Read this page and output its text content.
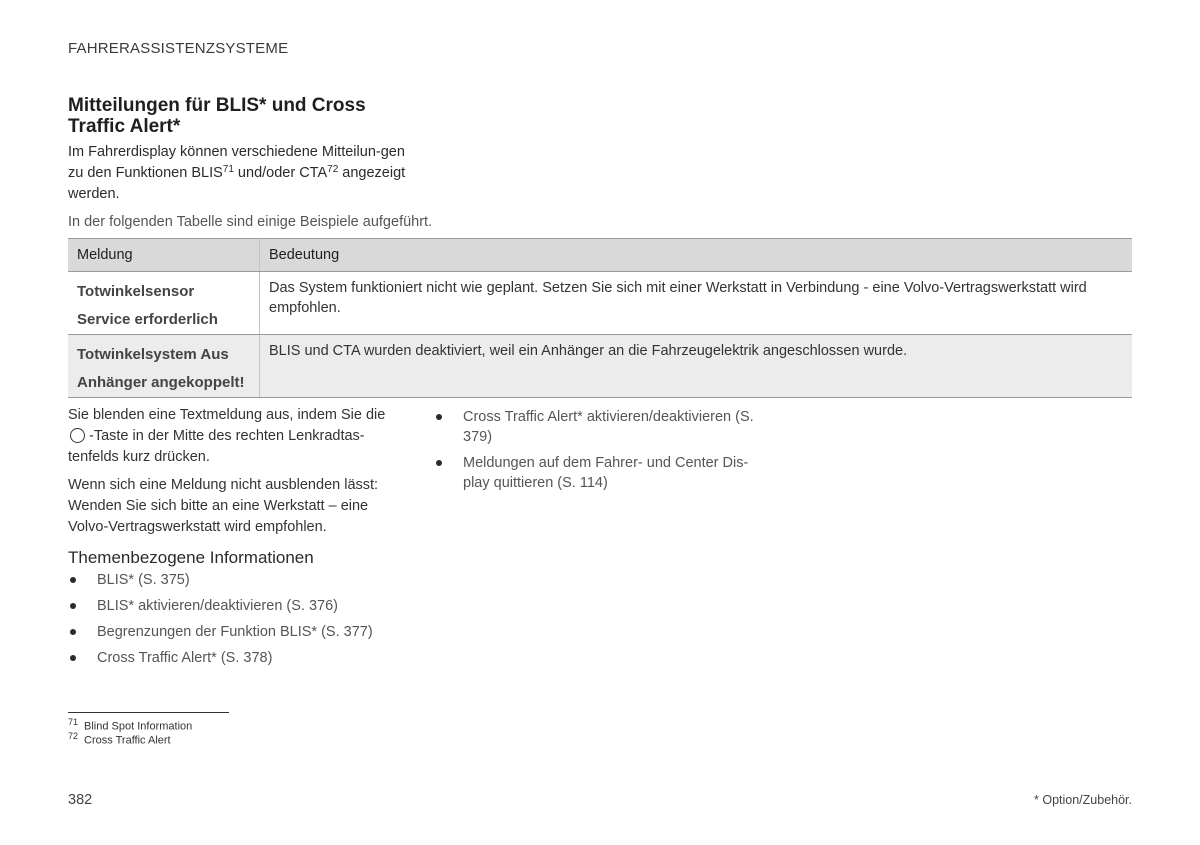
FAHRERASSISTENZSYSTEME
Mitteilungen für BLIS* und Cross Traffic Alert*
Im Fahrerdisplay können verschiedene Mitteilun-gen zu den Funktionen BLIS$^{71}$ und/oder CTA$^{72}$ angezeigt werden.
In der folgenden Tabelle sind einige Beispiele aufgeführt.
Meldung	Bedeutung

Totwinkelsensor
Service erforderlich	Das System funktioniert nicht wie geplant. Setzen Sie sich mit einer Werkstatt in Verbindung - eine Volvo-Vertragswerkstatt wird empfohlen.

Totwinkelsystem Aus
Anhänger angekoppelt!	BLIS und CTA wurden deaktiviert, weil ein Anhänger an die Fahrzeugelektrik angeschlossen wurde.

Sie blenden eine Textmeldung aus, indem Sie die -Taste in der Mitte des rechten Lenkradtas-tenfelds kurz drücken.

Wenn sich eine Meldung nicht ausblenden lässt: Wenden Sie sich bitte an eine Werkstatt – eine Volvo-Vertragswerkstatt wird empfohlen.

Themenbezogene Informationen
BLIS* (S. 375)
BLIS* aktivieren/deaktivieren (S. 376)
Begrenzungen der Funktion BLIS* (S. 377)
Cross Traffic Alert* (S. 378)
Cross Traffic Alert* aktivieren/deaktivieren (S. 379)
Meldungen auf dem Fahrer- und Center Dis-play quittieren (S. 114)
$^{71}$ Blind Spot Information
$^{72}$ Cross Traffic Alert
382	* Option/Zubehör.
